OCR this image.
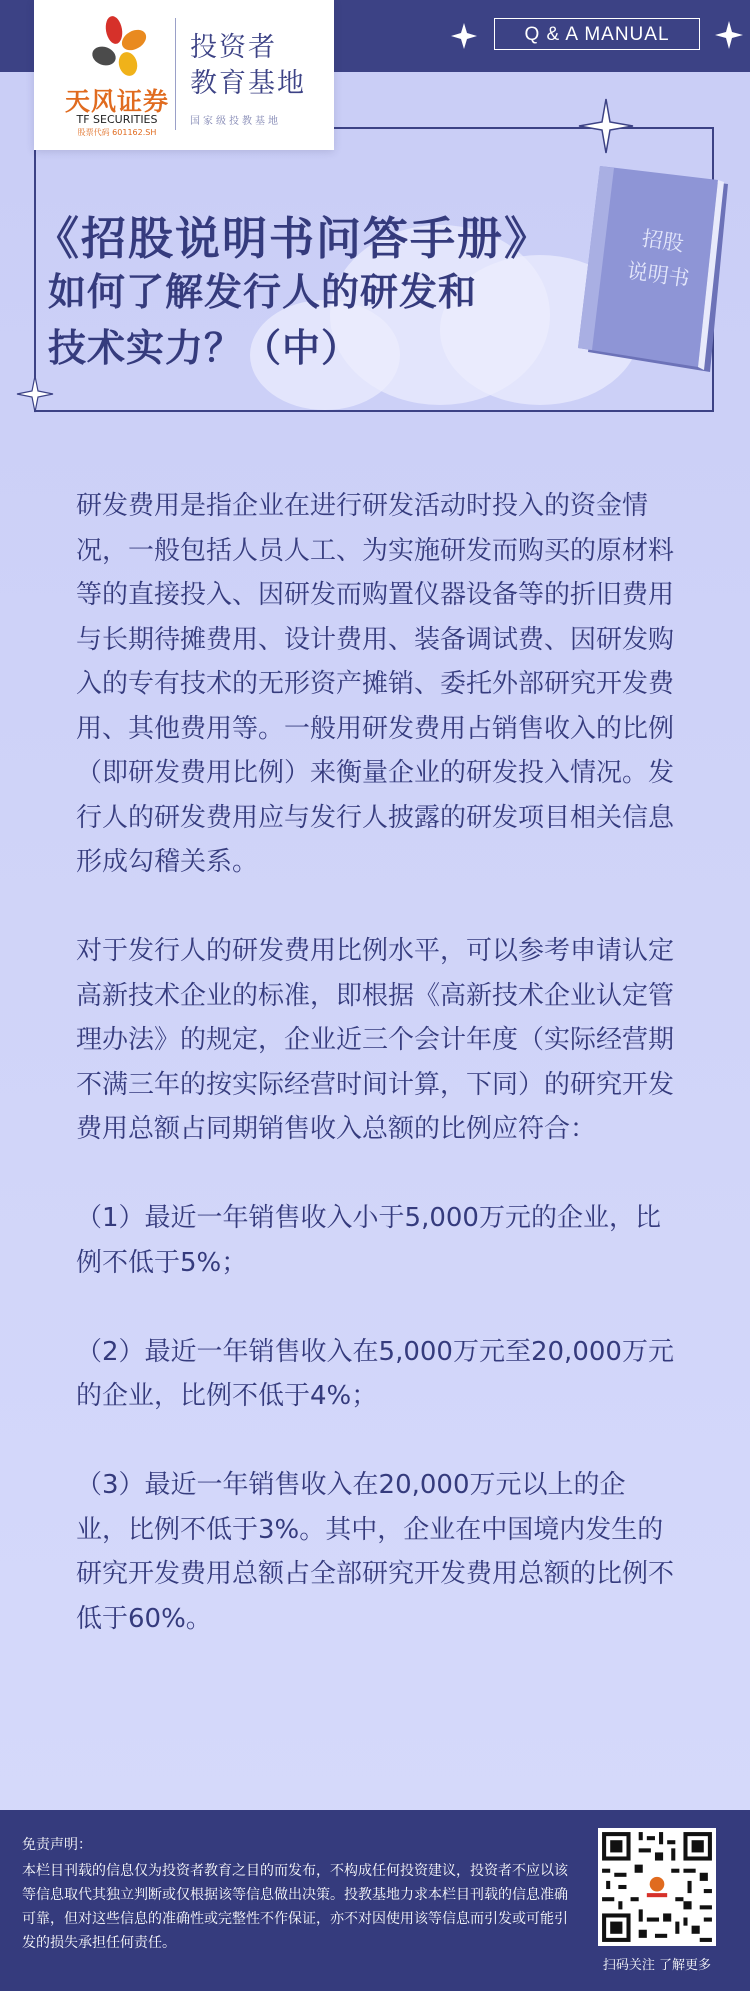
Q & A MANUAL
招股
说明书
《招股说明书问答手册》
如何了解发行人的研发和
技术实力？（中）
天风证券
TF SECURITIES
股票代码 601162.SH
投资者
教育基地
国家级投教基地

研发费用是指企业在进行研发活动时投入的资金情况，一般包括人员人工、为实施研发而购买的原材料等的直接投入、因研发而购置仪器设备等的折旧费用与长期待摊费用、设计费用、装备调试费、因研发购入的专有技术的无形资产摊销、委托外部研究开发费用、其他费用等。一般用研发费用占销售收入的比例（即研发费用比例）来衡量企业的研发投入情况。发行人的研发费用应与发行人披露的研发项目相关信息形成勾稽关系。

对于发行人的研发费用比例水平，可以参考申请认定高新技术企业的标准，即根据《高新技术企业认定管理办法》的规定，企业近三个会计年度（实际经营期不满三年的按实际经营时间计算，下同）的研究开发费用总额占同期销售收入总额的比例应符合：

（1）最近一年销售收入小于5,000万元的企业，比例不低于5%；

（2）最近一年销售收入在5,000万元至20,000万元的企业，比例不低于4%；

（3）最近一年销售收入在20,000万元以上的企业，比例不低于3%。其中，企业在中国境内发生的研究开发费用总额占全部研究开发费用总额的比例不低于60%。

免责声明：
本栏目刊载的信息仅为投资者教育之目的而发布，不构成任何投资建议，投资者不应以该等信息取代其独立判断或仅根据该等信息做出决策。投教基地力求本栏目刊载的信息准确可靠，但对这些信息的准确性或完整性不作保证，亦不对因使用该等信息而引发或可能引发的损失承担任何责任。
扫码关注 了解更多
